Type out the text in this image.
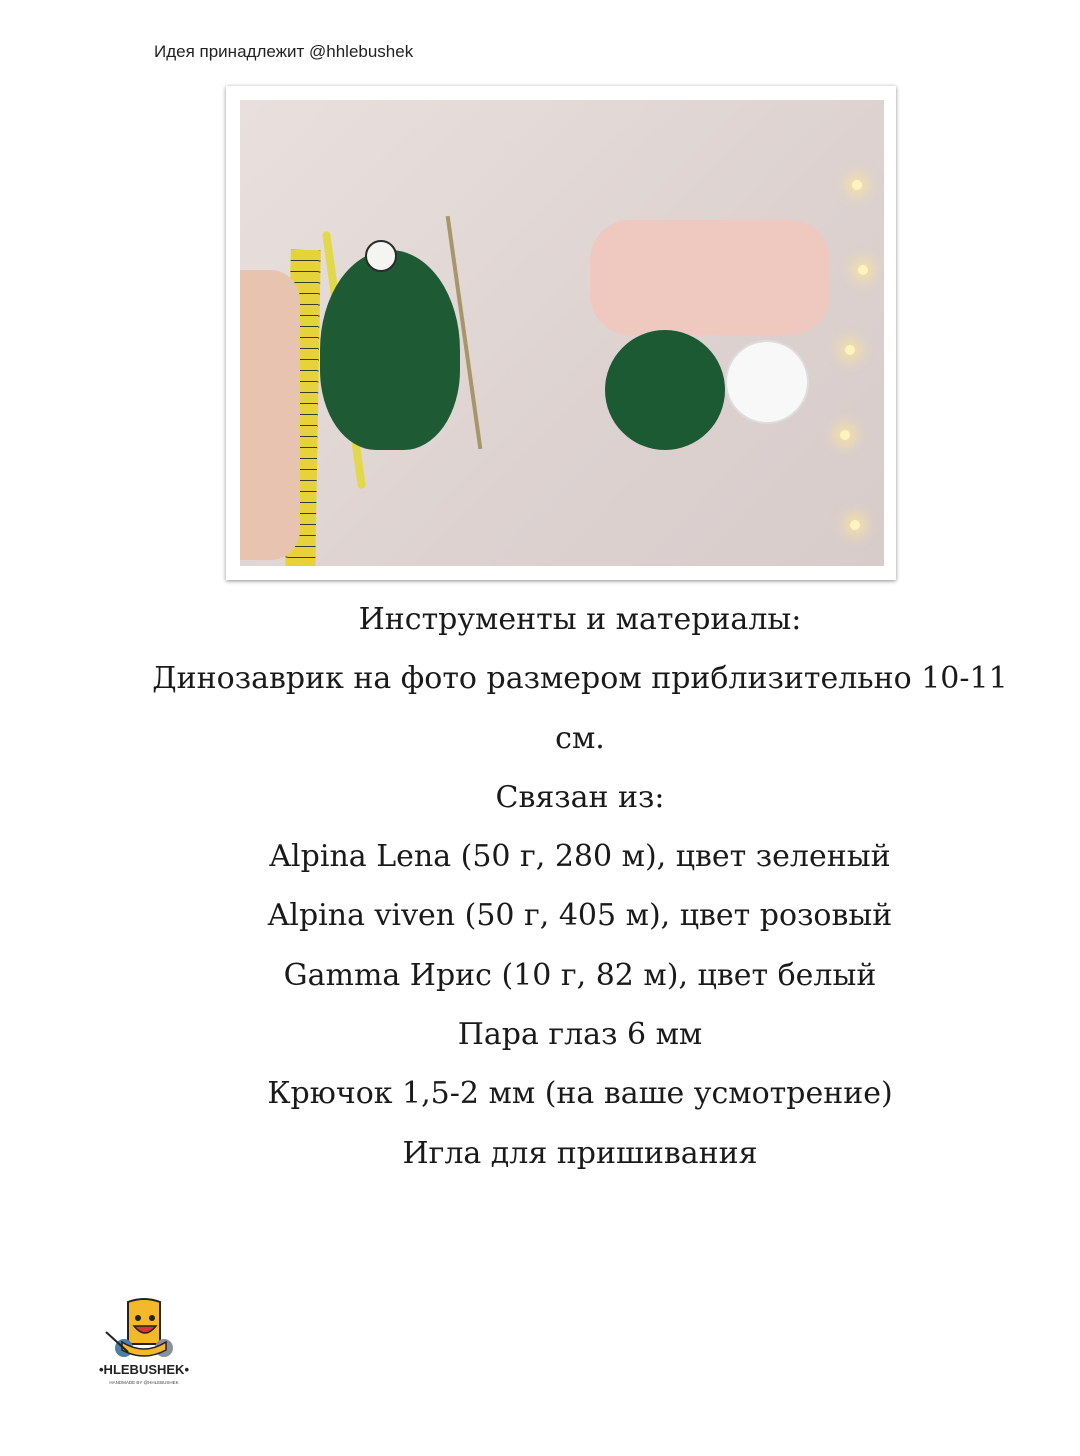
Идея принадлежит @hhlebushek

Инструменты и материалы:

Динозаврик на фото размером приблизительно 10-11

см.

Связан из:

Alpina Lena (50 г, 280 м), цвет зеленый

Alpina viven (50 г, 405 м), цвет розовый

Gamma Ирис (10 г, 82 м), цвет белый

Пара глаз 6 мм

Крючок 1,5-2 мм (на ваше усмотрение)

Игла для пришивания

•HLEBUSHEK•
HANDMADE BY @HHLEBUSHEK
